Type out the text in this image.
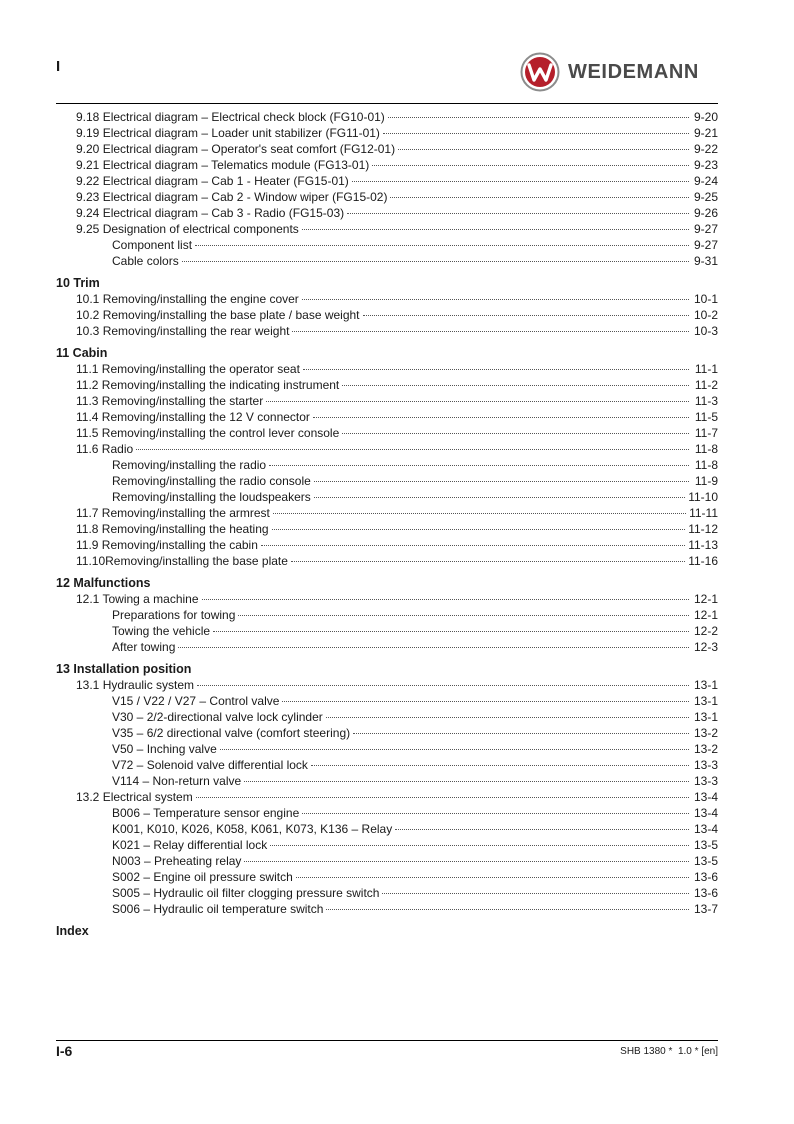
I	WEIDEMANN
9.18 Electrical diagram – Electrical check block (FG10-01)	9-20
9.19 Electrical diagram – Loader unit stabilizer (FG11-01)	9-21
9.20 Electrical diagram – Operator's seat comfort (FG12-01)	9-22
9.21 Electrical diagram – Telematics module (FG13-01)	9-23
9.22 Electrical diagram – Cab 1 - Heater (FG15-01)	9-24
9.23 Electrical diagram – Cab 2 - Window wiper (FG15-02)	9-25
9.24 Electrical diagram – Cab 3 - Radio (FG15-03)	9-26
9.25 Designation of electrical components	9-27
Component list	9-27
Cable colors	9-31
10 Trim
10.1 Removing/installing the engine cover	10-1
10.2 Removing/installing the base plate / base weight	10-2
10.3 Removing/installing the rear weight	10-3
11 Cabin
11.1 Removing/installing the operator seat	11-1
11.2 Removing/installing the indicating instrument	11-2
11.3 Removing/installing the starter	11-3
11.4 Removing/installing the 12 V connector	11-5
11.5 Removing/installing the control lever console	11-7
11.6 Radio	11-8
Removing/installing the radio	11-8
Removing/installing the radio console	11-9
Removing/installing the loudspeakers	11-10
11.7 Removing/installing the armrest	11-11
11.8 Removing/installing the heating	11-12
11.9 Removing/installing the cabin	11-13
11.10Removing/installing the base plate	11-16
12 Malfunctions
12.1 Towing a machine	12-1
Preparations for towing	12-1
Towing the vehicle	12-2
After towing	12-3
13 Installation position
13.1 Hydraulic system	13-1
V15 / V22 / V27 – Control valve	13-1
V30 – 2/2-directional valve lock cylinder	13-1
V35 – 6/2 directional valve (comfort steering)	13-2
V50 – Inching valve	13-2
V72 – Solenoid valve differential lock	13-3
V114 – Non-return valve	13-3
13.2 Electrical system	13-4
B006 – Temperature sensor engine	13-4
K001, K010, K026, K058, K061, K073, K136 – Relay	13-4
K021 – Relay differential lock	13-5
N003 – Preheating relay	13-5
S002 – Engine oil pressure switch	13-6
S005 – Hydraulic oil filter clogging pressure switch	13-6
S006 – Hydraulic oil temperature switch	13-7
Index
I-6	SHB 1380 *  1.0 * [en]
